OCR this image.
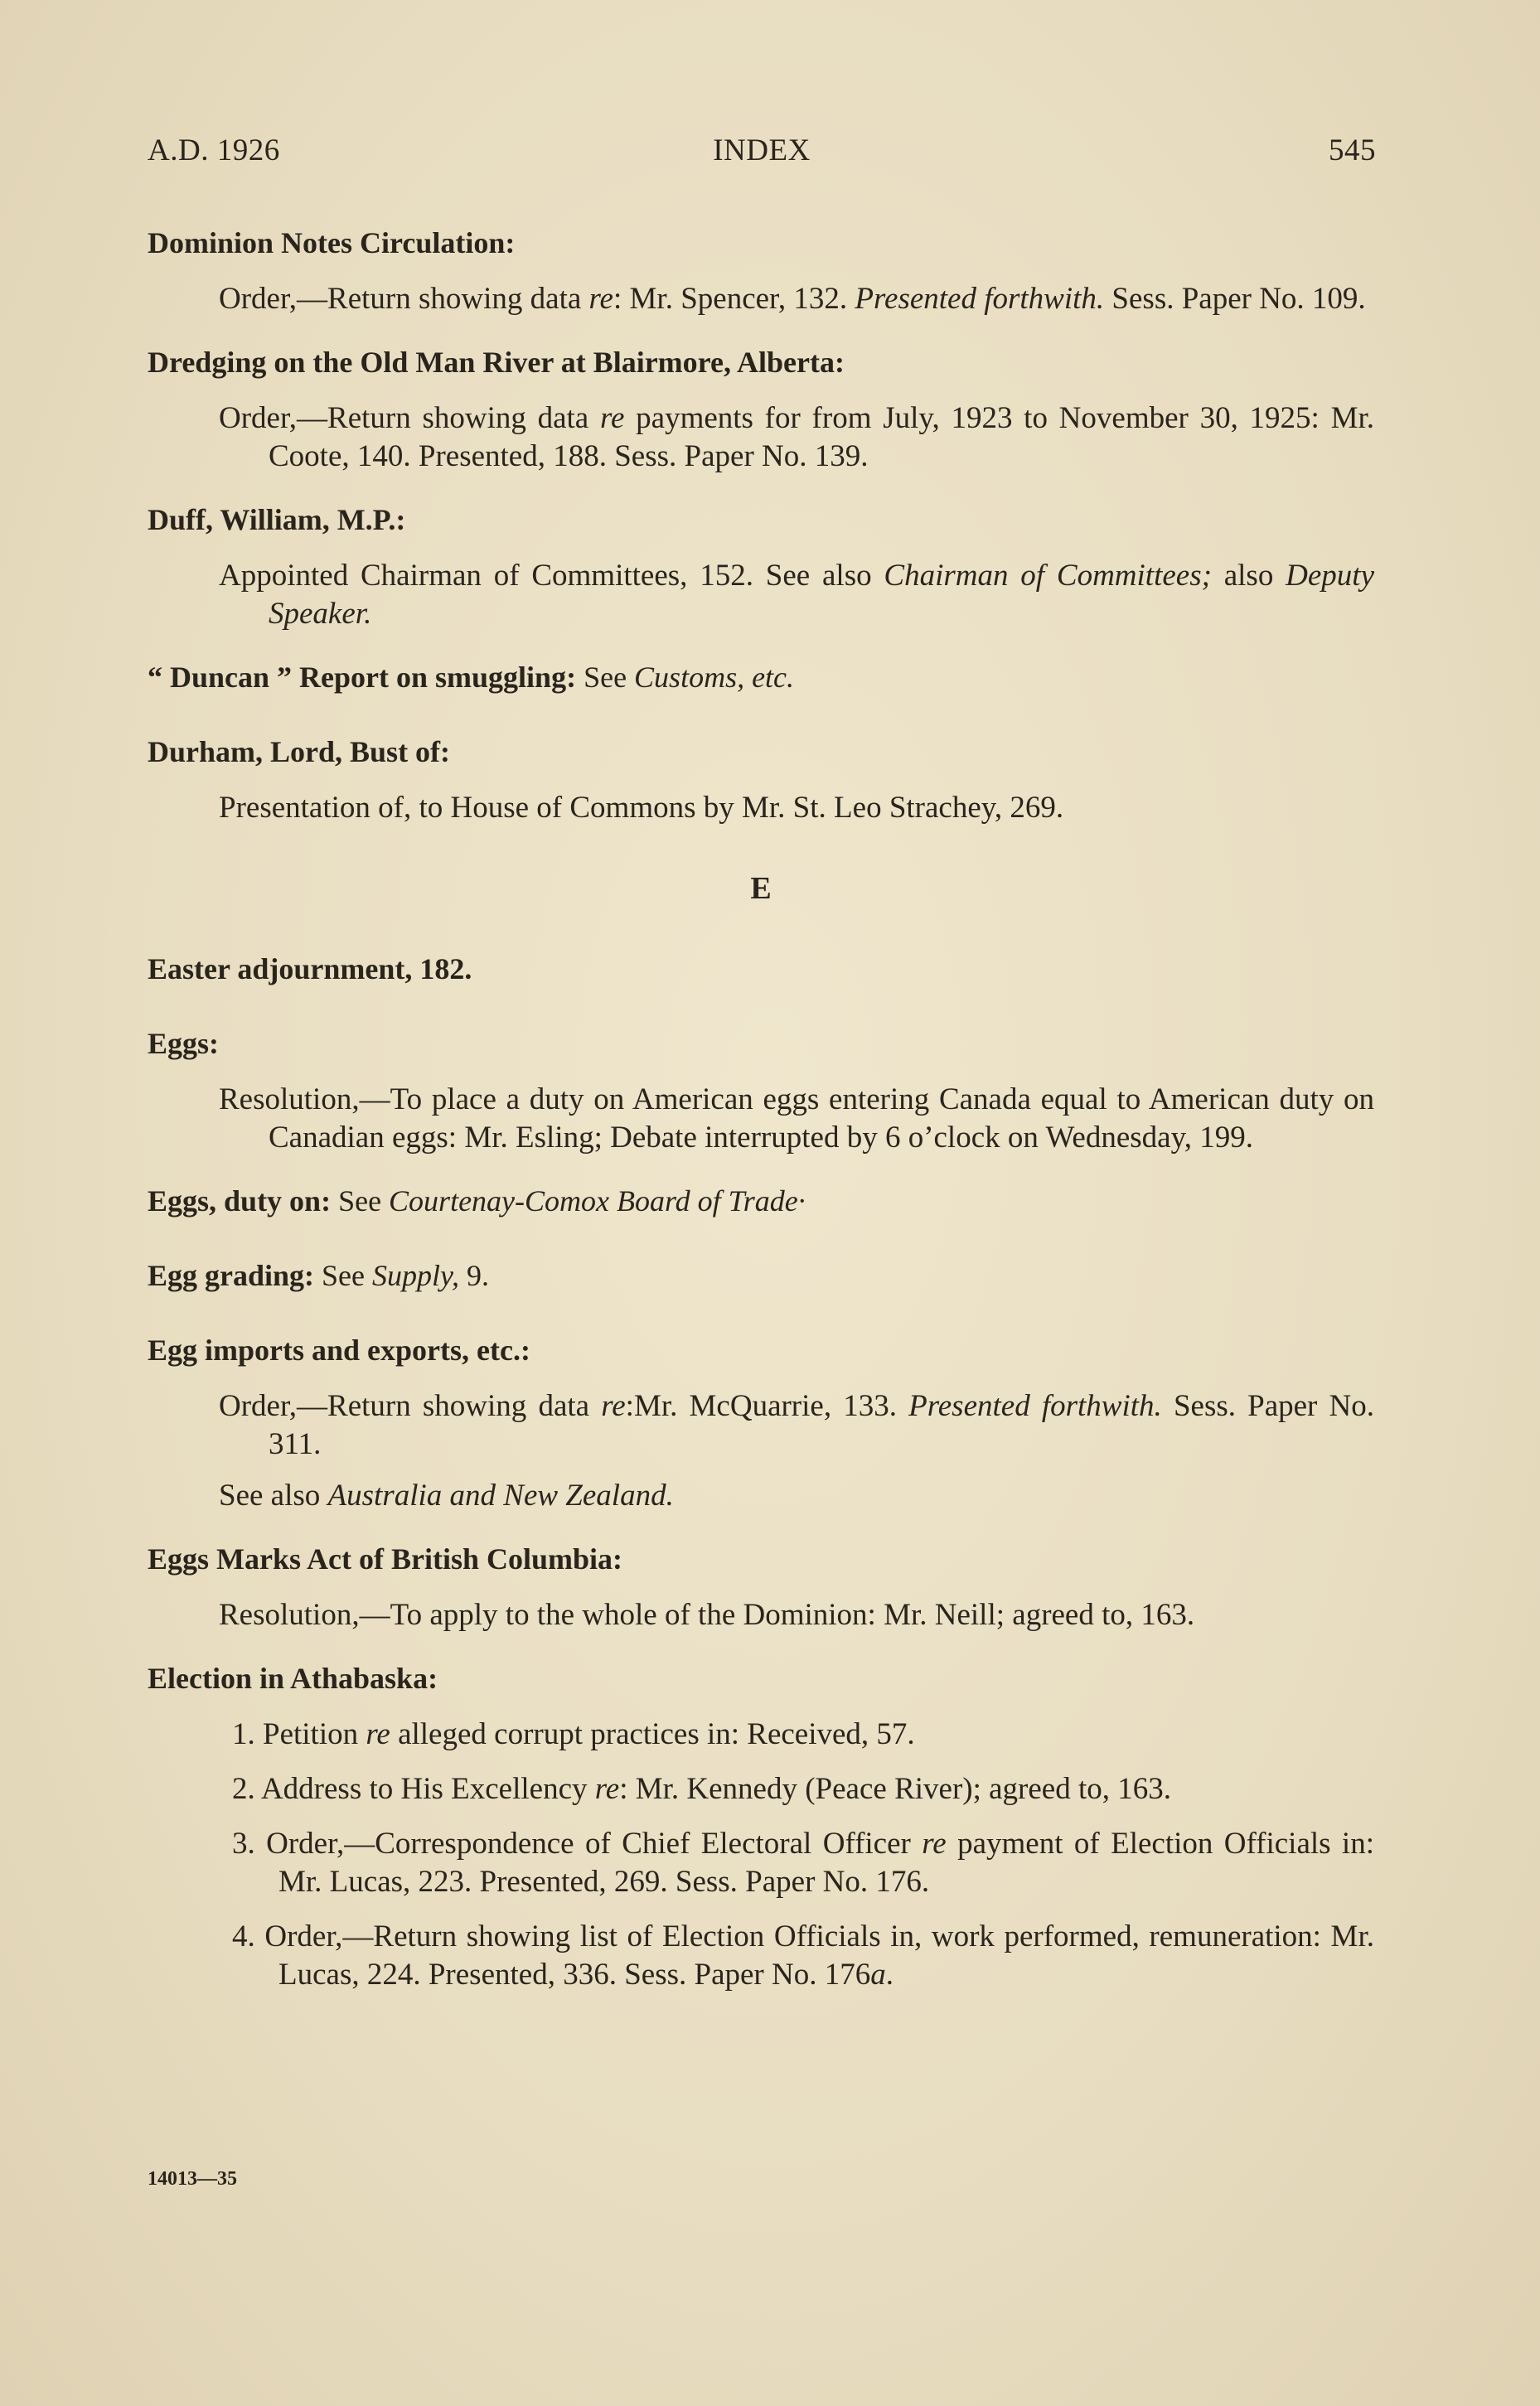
A.D. 1926	INDEX	545
Dominion Notes Circulation:
Order,—Return showing data re: Mr. Spencer, 132. Presented forthwith. Sess. Paper No. 109.
Dredging on the Old Man River at Blairmore, Alberta:
Order,—Return showing data re payments for from July, 1923 to November 30, 1925: Mr. Coote, 140. Presented, 188. Sess. Paper No. 139.
Duff, William, M.P.:
Appointed Chairman of Committees, 152. See also Chairman of Committees; also Deputy Speaker.
“ Duncan ” Report on smuggling: See Customs, etc.
Durham, Lord, Bust of:
Presentation of, to House of Commons by Mr. St. Leo Strachey, 269.
E
Easter adjournment, 182.
Eggs:
Resolution,—To place a duty on American eggs entering Canada equal to American duty on Canadian eggs: Mr. Esling; Debate interrupted by 6 o’clock on Wednesday, 199.
Eggs, duty on: See Courtenay-Comox Board of Trade·
Egg grading: See Supply, 9.
Egg imports and exports, etc.:
Order,—Return showing data re:Mr. McQuarrie, 133. Presented forthwith. Sess. Paper No. 311.
See also Australia and New Zealand.
Eggs Marks Act of British Columbia:
Resolution,—To apply to the whole of the Dominion: Mr. Neill; agreed to, 163.
Election in Athabaska:
1. Petition re alleged corrupt practices in: Received, 57.
2. Address to His Excellency re: Mr. Kennedy (Peace River); agreed to, 163.
3. Order,—Correspondence of Chief Electoral Officer re payment of Election Officials in: Mr. Lucas, 223. Presented, 269. Sess. Paper No. 176.
4. Order,—Return showing list of Election Officials in, work performed, remuneration: Mr. Lucas, 224. Presented, 336. Sess. Paper No. 176a.
14013—35
